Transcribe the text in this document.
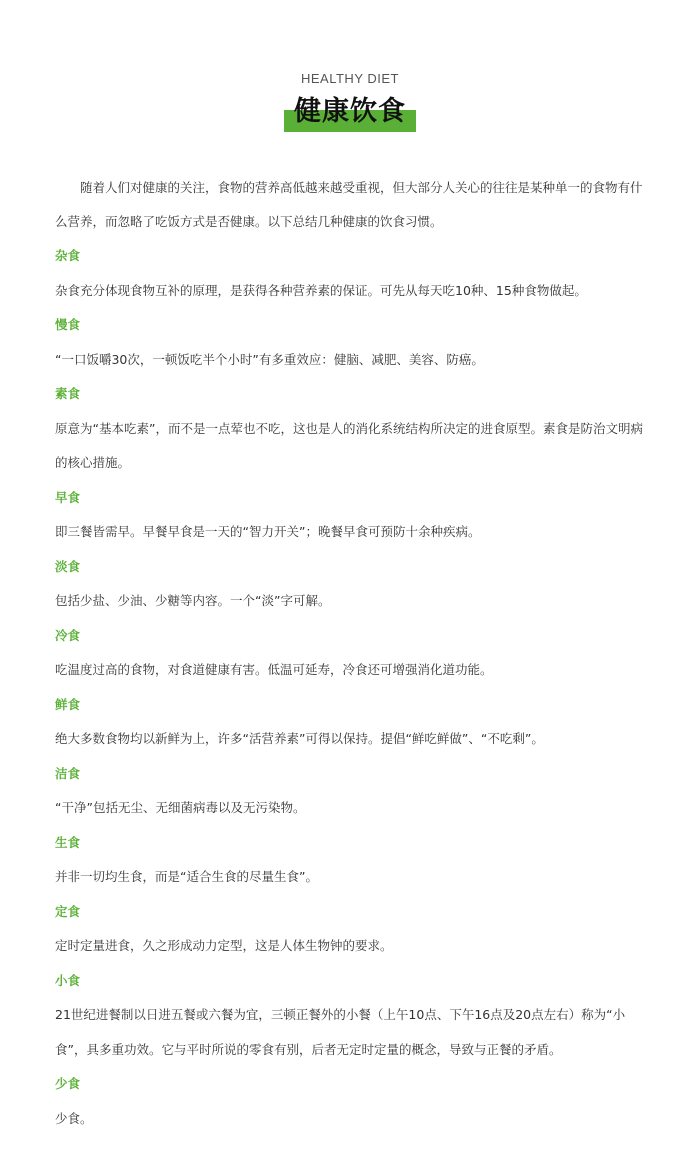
HEALTHY DIET
健康饮食

随着人们对健康的关注，食物的营养高低越来越受重视，但大部分人关心的往往是某种单一的食物有什么营养，而忽略了吃饭方式是否健康。以下总结几种健康的饮食习惯。

杂食

杂食充分体现食物互补的原理，是获得各种营养素的保证。可先从每天吃10种、15种食物做起。

慢食

“一口饭嚼30次，一顿饭吃半个小时”有多重效应：健脑、减肥、美容、防癌。

素食

原意为“基本吃素”，而不是一点荤也不吃，这也是人的消化系统结构所决定的进食原型。素食是防治文明病的核心措施。

早食

即三餐皆需早。早餐早食是一天的“智力开关”；晚餐早食可预防十余种疾病。

淡食

包括少盐、少油、少糖等内容。一个“淡”字可解。

冷食

吃温度过高的食物，对食道健康有害。低温可延寿，冷食还可增强消化道功能。

鲜食

绝大多数食物均以新鲜为上，许多“活营养素”可得以保持。提倡“鲜吃鲜做”、“不吃剩”。

洁食

“干净”包括无尘、无细菌病毒以及无污染物。

生食

并非一切均生食，而是“适合生食的尽量生食”。

定食

定时定量进食，久之形成动力定型，这是人体生物钟的要求。

小食

21世纪进餐制以日进五餐或六餐为宜，三顿正餐外的小餐（上午10点、下午16点及20点左右）称为“小食”，具多重功效。它与平时所说的零食有别，后者无定时定量的概念，导致与正餐的矛盾。

少食

少食。
